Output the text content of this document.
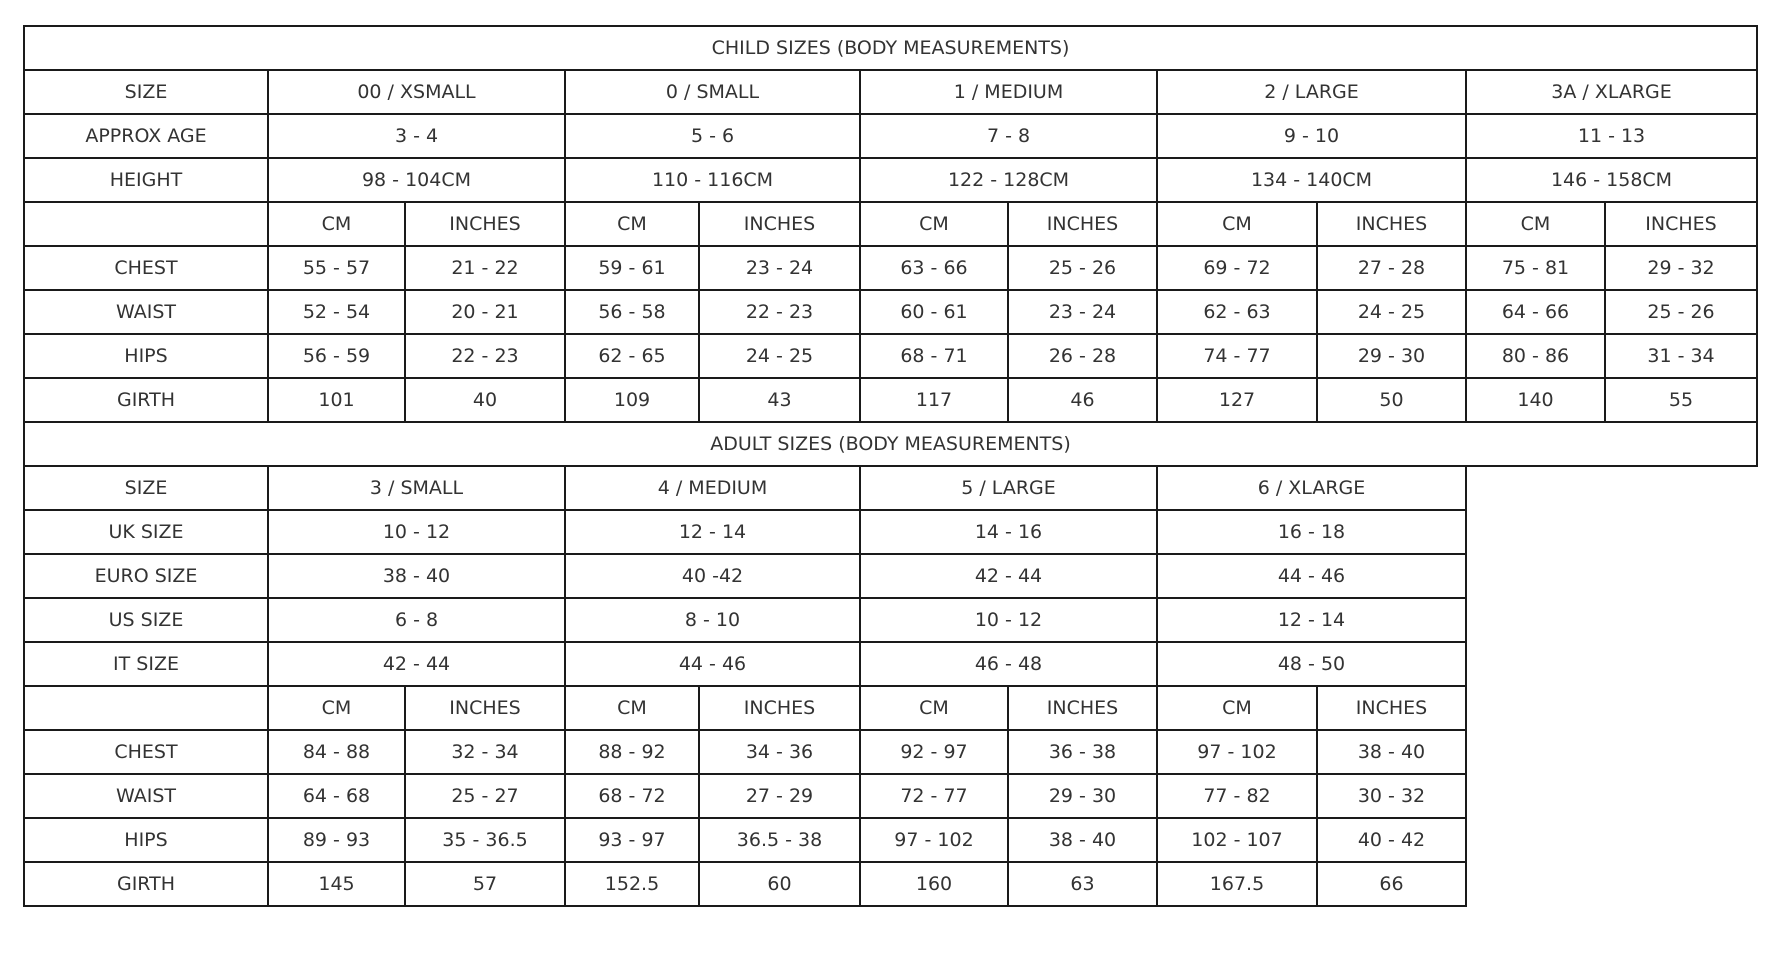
CHILD SIZES (BODY MEASUREMENTS)										
SIZE	00 / XSMALL		0 / SMALL		1 / MEDIUM		2 / LARGE		3A / XLARGE	
APPROX AGE	3 - 4		5 - 6		7 - 8		9 - 10		11 - 13	
HEIGHT	98 - 104CM		110 - 116CM		122 - 128CM		134 - 140CM		146 - 158CM	
	CM	INCHES	CM	INCHES	CM	INCHES	CM	INCHES	CM	INCHES
CHEST	55 - 57	21 - 22	59 - 61	23 - 24	63 - 66	25 - 26	69 - 72	27 - 28	75 - 81	29 - 32
WAIST	52 - 54	20 - 21	56 - 58	22 - 23	60 - 61	23 - 24	62 - 63	24 - 25	64 - 66	25 - 26
HIPS	56 - 59	22 - 23	62 - 65	24 - 25	68 - 71	26 - 28	74 - 77	29 - 30	80 - 86	31 - 34
GIRTH	101	40	109	43	117	46	127	50	140	55
ADULT SIZES (BODY MEASUREMENTS)										
SIZE	3 / SMALL		4 / MEDIUM		5 / LARGE		6 / XLARGE			
UK SIZE	10 - 12		12 - 14		14 - 16		16 - 18			
EURO SIZE	38 - 40		40 -42		42 - 44		44 - 46			
US SIZE	6 - 8		8 - 10		10 - 12		12 - 14			
IT SIZE	42 - 44		44 - 46		46 - 48		48 - 50			
	CM	INCHES	CM	INCHES	CM	INCHES	CM	INCHES		
CHEST	84 - 88	32 - 34	88 - 92	34 - 36	92 - 97	36 - 38	97 - 102	38 - 40		
WAIST	64 - 68	25 - 27	68 - 72	27 - 29	72 - 77	29 - 30	77 - 82	30 - 32		
HIPS	89 - 93	35 - 36.5	93 - 97	36.5 - 38	97 - 102	38 - 40	102 - 107	40 - 42		
GIRTH	145	57	152.5	60	160	63	167.5	66		
